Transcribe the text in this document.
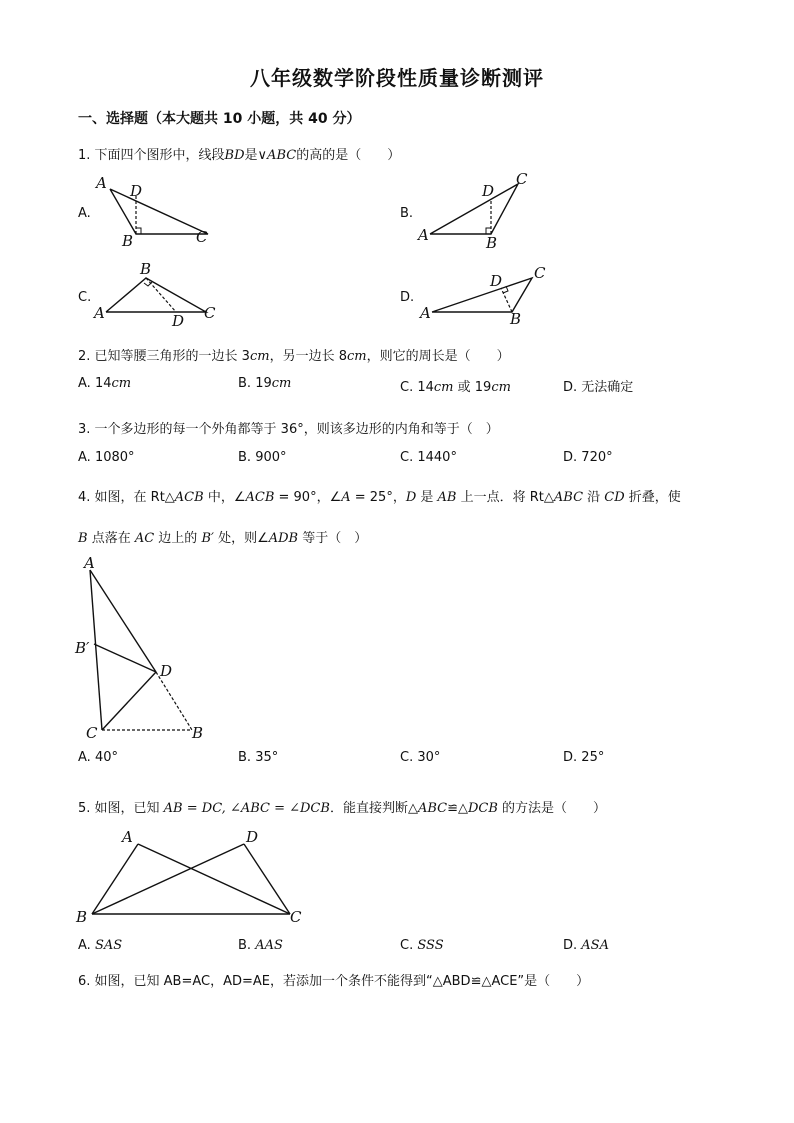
八年级数学阶段性质量诊断测评
一、选择题（本大题共 10 小题，共 40 分）
1. 下面四个图形中，线段BD是∨ABC的高的是（　　）
A.
A D
B	C
B.
A
D
B
C
C.
A
B
C
D
D.
A
D
B
C
2. 已知等腰三角形的一边长 3cm，另一边长 8cm，则它的周长是（　　）
A. 14cm	B. 19cm	C. 14cm 或 19cm	D. 无法确定
3. 一个多边形的每一个外角都等于 36°，则该多边形的内角和等于（　）
A. 1080°	B. 900°	C. 1440°	D. 720°
4. 如图，在 Rt△ACB 中，∠ACB = 90°，∠A = 25°，D 是 AB 上一点．将 Rt△ABC 沿 CD 折叠，使
B 点落在 AC 边上的 B′ 处，则∠ADB 等于（　）
A
B′
D
C	B
A. 40°	B. 35°	C. 30°	D. 25°
5. 如图，已知 AB = DC, ∠ABC = ∠DCB．能直接判断△ABC≌△DCB 的方法是（　　）
A	D
B	C
A. SAS	B. AAS	C. SSS	D. ASA
6. 如图，已知 AB=AC，AD=AE，若添加一个条件不能得到“△ABD≌△ACE”是（　　）
